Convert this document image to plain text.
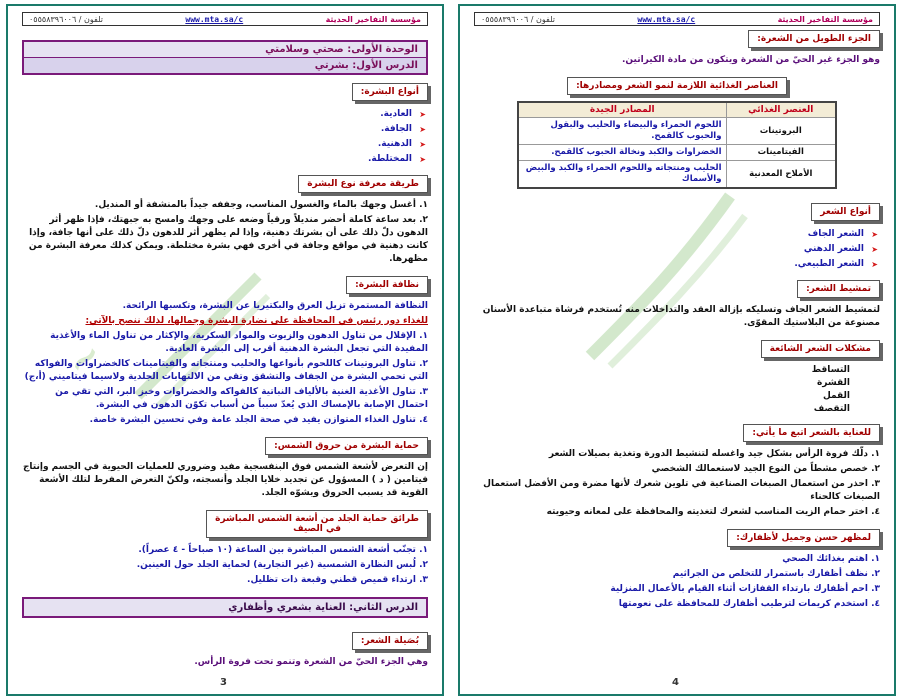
~
مؤسسة التفاخير الحديثة
www.mta.sa/c
تلفون / ٠٥٥٥٨٣٩٦٠٠٦
الوحدة الأولى: صحتي وسلامتي
الدرس الأول: بشرتي
أنواع البشرة:
➤ العادية.
➤ الجافة.
➤ الدهنية.
➤ المختلطة.
طريقة معرفة نوع البشرة

١. أغسل وجهك بالماء والغسول المناسب، وجففه جيداً بالمنشفة أو المنديل.

٢. بعد ساعة كاملة أحضر منديلاً ورقياً وضعه على وجهك وامسح به جبهتك، فإذا ظهر أثر الدهون دلّ ذلك على أن بشرتك دهنية، وإذا لم يظهر أثر للدهون دلّ ذلك على أنها جافة، وإذا كانت دهنية في مواقع وجافة في أخرى فهي بشرة مختلطة. ويمكن كذلك معرفة البشرة من مظهرها.

نظافة البشرة:

النظافة المستمرة تزيل العرق والبكتيريا عن البشرة، وتكسبها الرائحة.

للغذاء دور رئيس في المحافظة على نضارة البشرة وجمالها، لذلك ننصح بالآتي:

١. الإقلال من تناول الدهون والزيوت والمواد السكرية، والإكثار من تناول الماء والأغذية المفيدة التي تجعل البشرة الدهنية أقرب إلى البشرة العادية.

٢. تناول البروتينات كاللحوم بأنواعها والحليب ومنتجاته والفيتامينات كالخضراوات والفواكه التي تحمي البشرة من الجفاف والتشقق وتقي من الالتهابات الجلدية ولاسيما فيتاميني (أ،ج)

٣. تناول الأغذية الغنية بالألياف النباتية كالفواكه والخضراوات وخبز البر، التي تقي من احتمال الإصابة بالإمساك الذي يُعدّ سبباً من أسباب تكوّن الدهون في البشرة.

٤. تناول الغذاء المتوازن يفيد في صحة الجلد عامة وفي تحسين البشرة خاصة.

حماية البشرة من حروق الشمس:

إن التعرض لأشعة الشمس فوق البنفسجية مفيد وضروري للعمليات الحيوية في الجسم وإنتاج فيتامين ( د ) المسؤول عن تجديد خلايا الجلد وأنسجته، ولكنّ التعرض المفرط لتلك الأشعة القوية قد يسبب الحروق ويشوّه الجلد.

طرائق حماية الجلد من أشعة الشمس المباشرة
في الصيف

١. تجنّب أشعة الشمس المباشرة بين الساعة (١٠ صباحاً - ٤ عصراً).

٢. لُبس النظارة الشمسية (غير التجارية) لحماية الجلد حول العينين.

٣. ارتداء قميص قطني وقبعة ذات تظليل.

الدرس الثاني: العناية بشعري وأظفاري
بُصَيلة الشعر:

وهي الجزء الحيّ من الشعرة وتنمو تحت فروة الرأس.

3
مؤسسة التفاخير الحديثة
www.mta.sa/c
تلفون / ٠٥٥٥٨٣٩٦٠٠٦
الجزء الطويل من الشعرة:

وهو الجزء غير الحيّ من الشعرة ويتكون من مادة الكيراتين.

العناصر الغذائية اللازمة لنمو الشعر ومصادرها:
العنصر الغذائي	المصادر الجيدة
البروتينات	اللحوم الحمراء والبيضاء والحليب والبقول والحبوب كالقمح.
الفيتامينات	الخضراوات والكبد ونخالة الحبوب كالقمح.
الأملاح المعدنية	الحليب ومنتجاته واللحوم الحمراء والكبد والبيض والأسماك
أنواع الشعر
➤ الشعر الجاف
➤ الشعر الدهني
➤ الشعر الطبيعي.
تمشيط الشعر:

لتمشيط الشعر الجاف وتسليكه بإزالة العقد والتداخلات منه تُستخدم فرشاة متباعدة الأسنان مصنوعة من البلاستيك المقوّى.

مشكلات الشعر الشائعة
التساقط
القشرة
القمل
التقصف
للعناية بالشعر اتبع ما يأتي:

١. دلّك فروة الرأس بشكل جيد واغسله لتنشيط الدورة وتغذية بصيلات الشعر

٢. خصص مشطاً من النوع الجيد لاستعمالك الشخصي

٣. احذر من استعمال الصبغات الصناعية في تلوين شعرك لأنها مضرة ومن الأفضل استعمال الصبغات كالحناء

٤. اختر حمام الزيت المناسب لشعرك لتغذيته والمحافظة على لمعانه وحيويته

لمظهر حسن وجميل لأظفارك:

١. اهتم بغذائك الصحي

٢. نظف أظفارك باستمرار للتخلص من الجراثيم

٣. احم أظفارك بارتداء القفازات أثناء القيام بالأعمال المنزلية

٤. استخدم كريمات لترطيب أظفارك للمحافظة على نعومتها

4
